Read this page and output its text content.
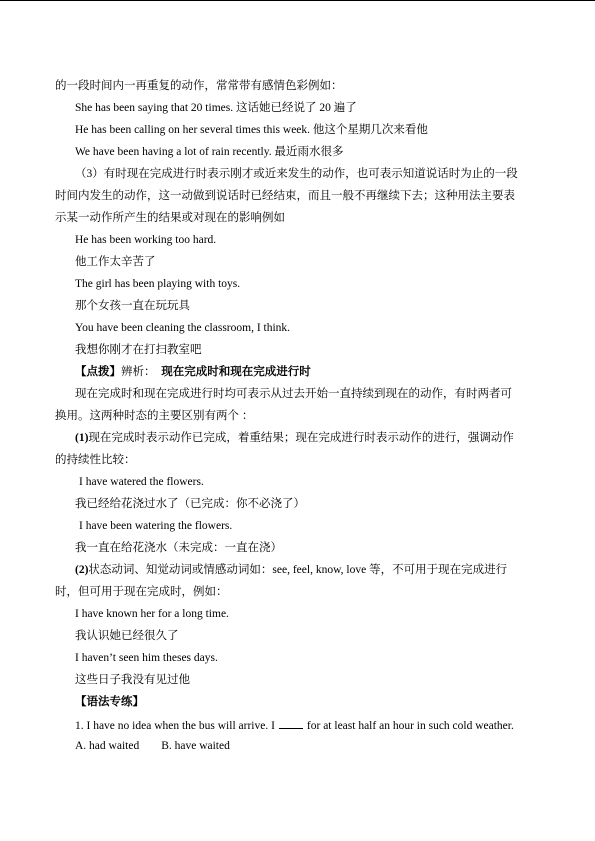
的一段时间内一再重复的动作，常常带有感情色彩例如：
She has been saying that 20 times. 这话她已经说了 20 遍了
He has been calling on her several times this week. 他这个星期几次来看他
We have been having a lot of rain recently. 最近雨水很多
（3）有时现在完成进行时表示刚才或近来发生的动作，也可表示知道说话时为止的一段
时间内发生的动作，这一动做到说话时已经结束，而且一般不再继续下去；这种用法主要表
示某一动作所产生的结果或对现在的影响例如
He has been working too hard.
他工作太辛苦了
The girl has been playing with toys.
那个女孩一直在玩玩具
You have been cleaning the classroom, I think.
我想你刚才在打扫教室吧
【点拨】辨析： 现在完成时和现在完成进行时
现在完成时和现在完成进行时均可表示从过去开始一直持续到现在的动作，有时两者可
换用。这两种时态的主要区别有两个 ：
(1)现在完成时表示动作已完成，着重结果；现在完成进行时表示动作的进行，强调动作
的持续性比较：
I have watered the flowers.
我已经给花浇过水了（已完成：你不必浇了）
I have been watering the flowers.
我一直在给花浇水（未完成：一直在浇）
(2)状态动词、知觉动词或情感动词如：see, feel, know, love 等，不可用于现在完成进行
时，但可用于现在完成时，例如：
I have known her for a long time.
我认识她已经很久了
I haven’t seen him theses days.
这些日子我没有见过他
【语法专练】
1. I have no idea when the bus will arrive. I	for at least half an hour in such cold weather.
A. had waited B. have waited
